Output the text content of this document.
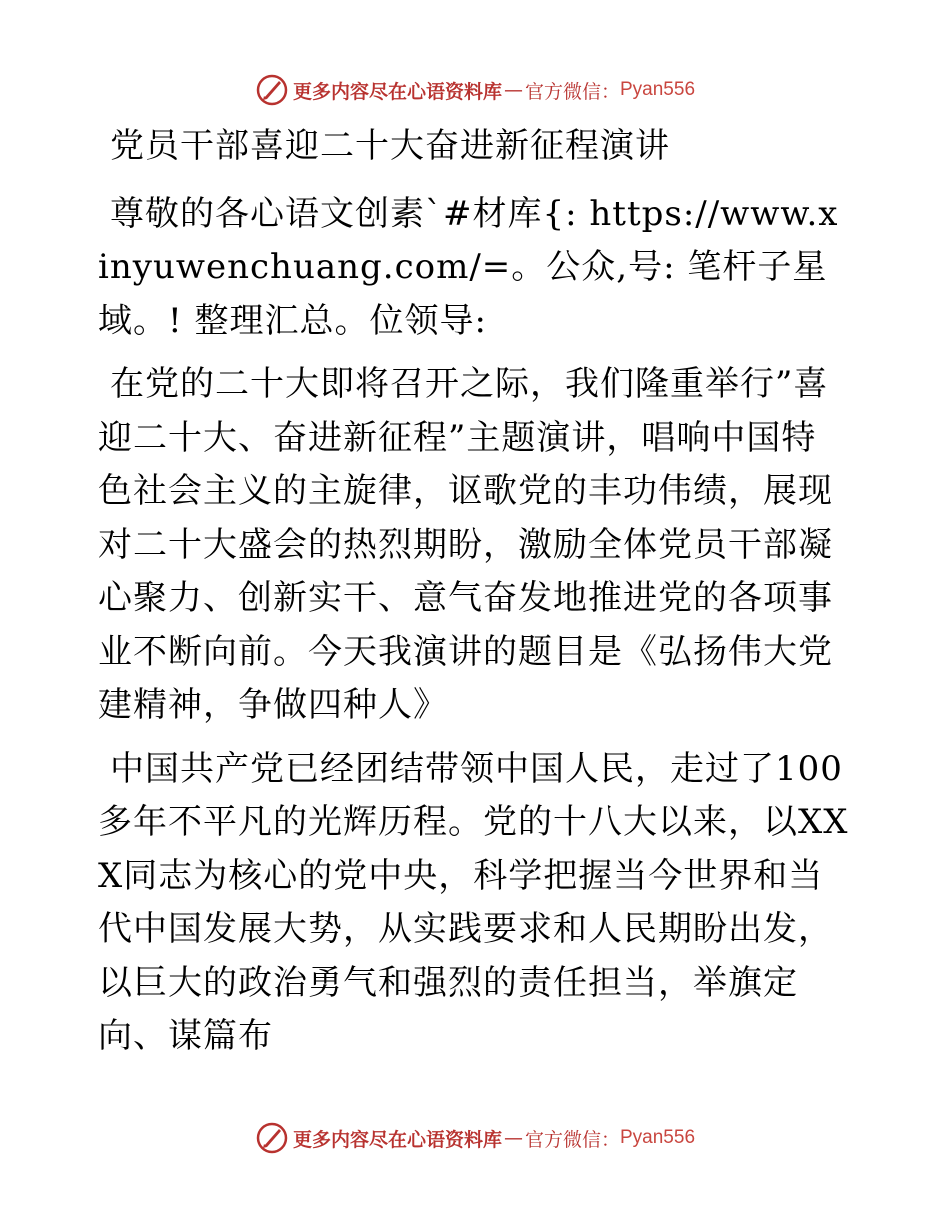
更多内容尽在心语资料库 — 官方微信： Pyan556
党员干部喜迎二十大奋进新征程演讲
尊敬的各心语文创素`#材库{: https://www.xinyuwenchuang.com/=。公众,号: 笔杆子星域。! 整理汇总。位领导:
在党的二十大即将召开之际，我们隆重举行”喜迎二十大、奋进新征程”主题演讲，唱响中国特色社会主义的主旋律，讴歌党的丰功伟绩，展现对二十大盛会的热烈期盼，激励全体党员干部凝心聚力、创新实干、意气奋发地推进党的各项事业不断向前。今天我演讲的题目是《弘扬伟大党建精神，争做四种人》
中国共产党已经团结带领中国人民，走过了100多年不平凡的光辉历程。党的十八大以来，以XXX同志为核心的党中央，科学把握当今世界和当代中国发展大势，从实践要求和人民期盼出发，以巨大的政治勇气和强烈的责任担当，举旗定向、谋篇布
更多内容尽在心语资料库 — 官方微信： Pyan556
